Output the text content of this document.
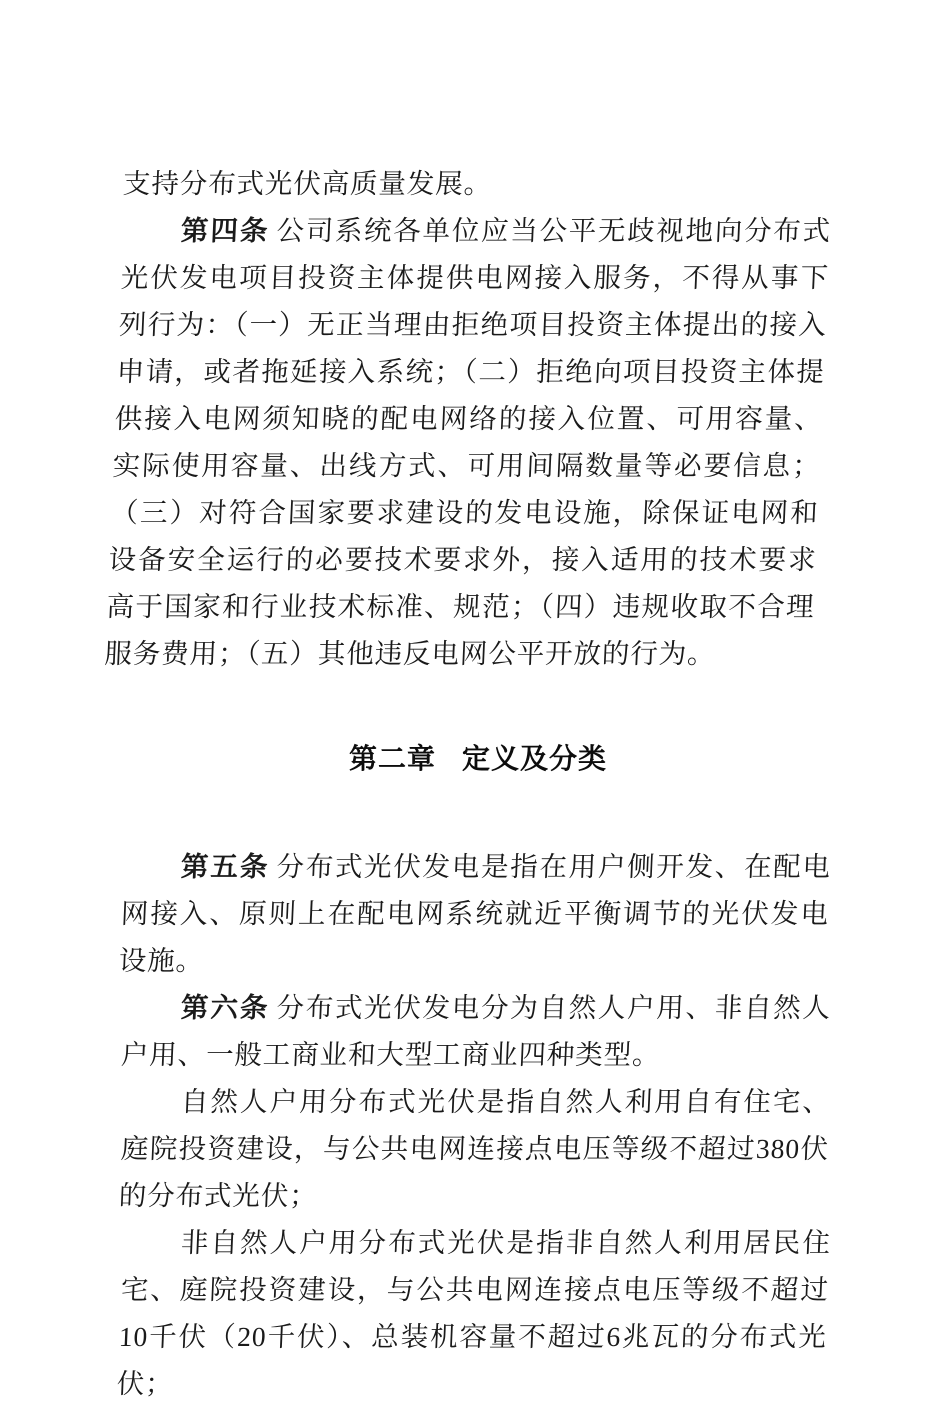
支持分布式光伏高质量发展。

第四条 公司系统各单位应当公平无歧视地向分布式光伏发电项目投资主体提供电网接入服务，不得从事下列行为：（一）无正当理由拒绝项目投资主体提出的接入申请，或者拖延接入系统；（二）拒绝向项目投资主体提供接入电网须知晓的配电网络的接入位置、可用容量、实际使用容量、出线方式、可用间隔数量等必要信息；（三）对符合国家要求建设的发电设施，除保证电网和设备安全运行的必要技术要求外，接入适用的技术要求高于国家和行业技术标准、规范；（四）违规收取不合理服务费用；（五）其他违反电网公平开放的行为。

第二章 定义及分类

第五条 分布式光伏发电是指在用户侧开发、在配电网接入、原则上在配电网系统就近平衡调节的光伏发电设施。

第六条 分布式光伏发电分为自然人户用、非自然人户用、一般工商业和大型工商业四种类型。

自然人户用分布式光伏是指自然人利用自有住宅、庭院投资建设，与公共电网连接点电压等级不超过380伏的分布式光伏；

非自然人户用分布式光伏是指非自然人利用居民住宅、庭院投资建设，与公共电网连接点电压等级不超过10千伏（20千伏）、总装机容量不超过6兆瓦的分布式光伏；
